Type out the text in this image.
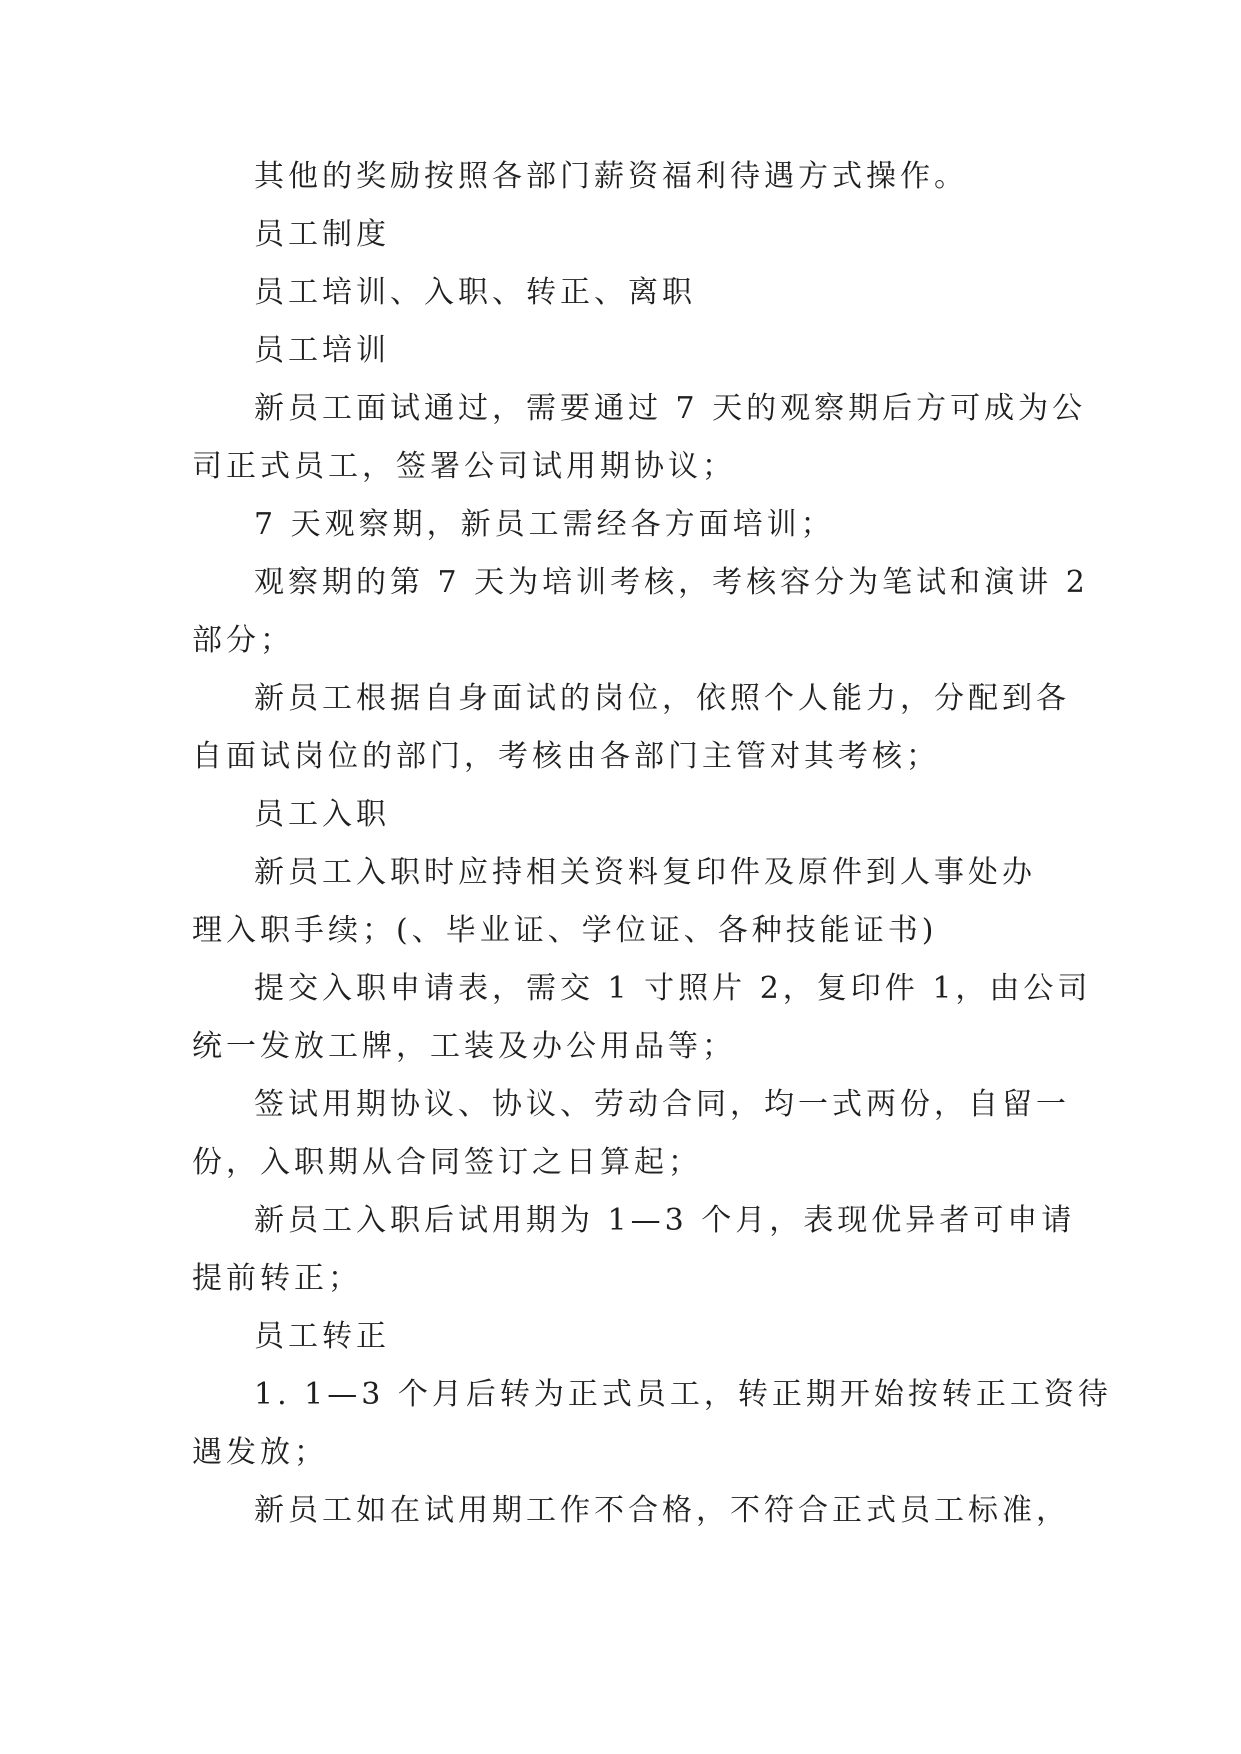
其他的奖励按照各部门薪资福利待遇方式操作。
员工制度
员工培训、入职、转正、离职
员工培训
新员工面试通过，需要通过 7 天的观察期后方可成为公
司正式员工，签署公司试用期协议；
7 天观察期，新员工需经各方面培训；
观察期的第 7 天为培训考核，考核容分为笔试和演讲 2
部分；
新员工根据自身面试的岗位，依照个人能力，分配到各
自面试岗位的部门，考核由各部门主管对其考核；
员工入职
新员工入职时应持相关资料复印件及原件到人事处办
理入职手续；(、毕业证、学位证、各种技能证书)
提交入职申请表，需交 1 寸照片 2，复印件 1，由公司
统一发放工牌，工装及办公用品等；
签试用期协议、协议、劳动合同，均一式两份，自留一
份，入职期从合同签订之日算起；
新员工入职后试用期为 1—3 个月，表现优异者可申请
提前转正；
员工转正
1. 1—3 个月后转为正式员工，转正期开始按转正工资待
遇发放；
新员工如在试用期工作不合格，不符合正式员工标准，
